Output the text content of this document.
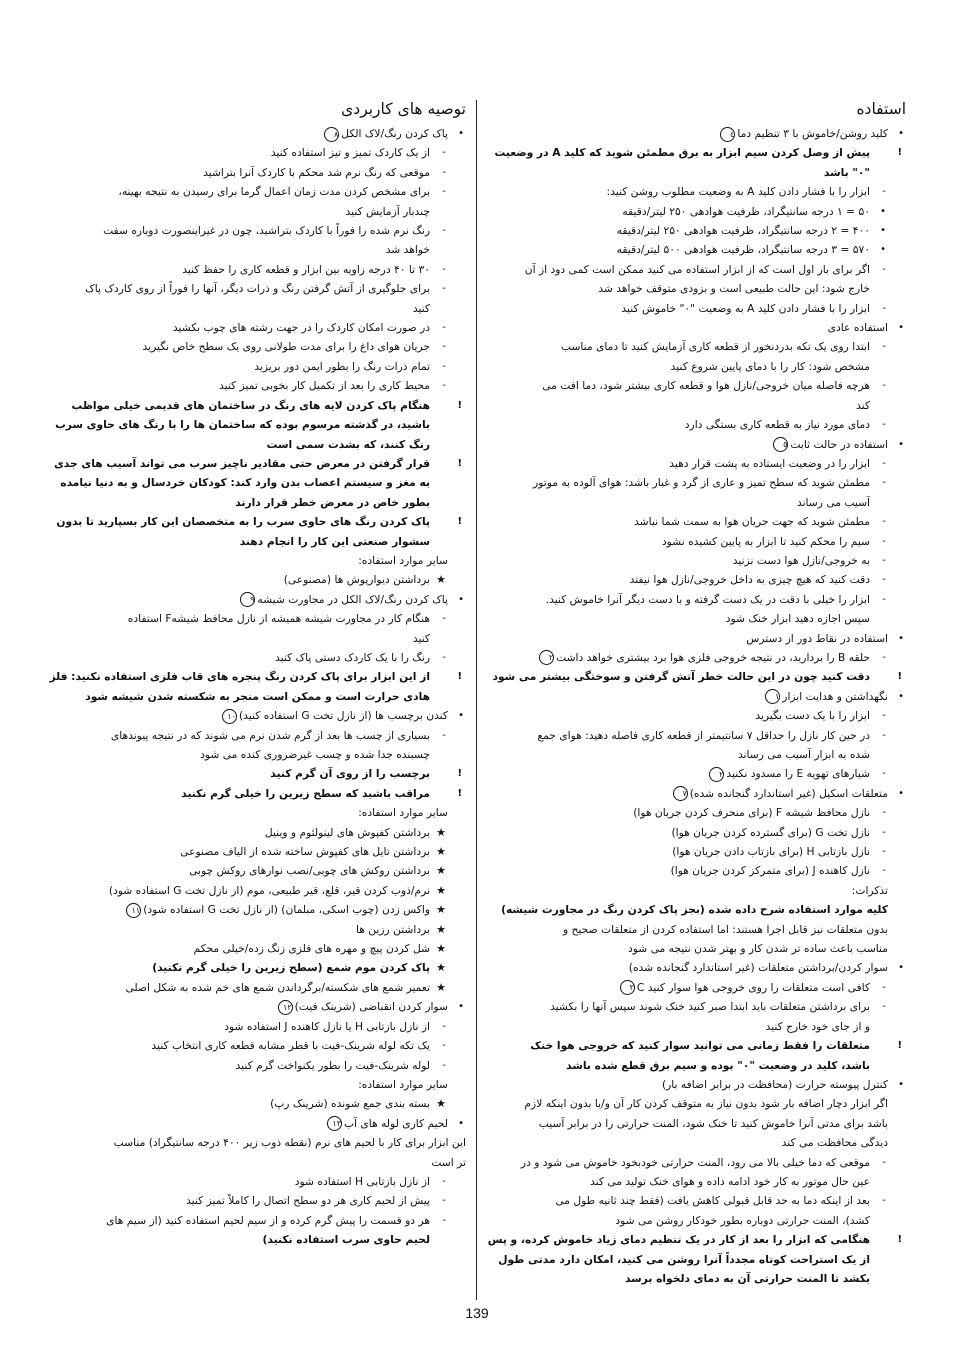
استفاده
•
کلید روشن/خاموش با ۳ تنظیم دما٤
!
پیش از وصل کردن سیم ابزار به برق مطمئن شوید که کلید A در وضعیت
"۰" باشد
-
ابزار را با فشار دادن کلید A به وضعیت مطلوب روشن کنید:
•
۵۰ = ۱ درجه سانتیگراد، ظرفیت هوادهی ۲۵۰ لیتر/دقیقه
•
۴۰۰ = ۲ درجه سانتیگراد، ظرفیت هوادهی ۲۵۰ لیتر/دقیقه
•
۵۷۰ = ۳ درجه سانتیگراد، ظرفیت هوادهی ۵۰۰ لیتر/دقیقه
-
اگر برای بار اول است که از ابزار استفاده می کنید ممکن است کمی دود از آن
خارج شود: این حالت طبیعی است و بزودی متوقف خواهد شد
-
ابزار را با فشار دادن کلید A به وضعیت "۰" خاموش کنید
•
استفاده عادی
-
ابتدا روی یک تکه بدردنخور از قطعه کاری آزمایش کنید تا دمای مناسب
مشخص شود: کار را با دمای پایین شروع کنید
-
هرچه فاصله میان خروجی/نازل هوا و قطعه کاری بیشتر شود، دما افت می
کند
-
دمای مورد نیاز به قطعه کاری بستگی دارد
•
استفاده در حالت ثابت٥
-
ابزار را در وضعیت ایستاده به پشت قرار دهید
-
مطمئن شوید که سطح تمیز و عاری از گرد و غبار باشد: هوای آلوده به موتور
آسیب می رساند
-
مطمئن شوید که جهت جریان هوا به سمت شما نباشد
-
سیم را محکم کنید تا ابزار به پایین کشیده نشود
-
به خروجی/نازل هوا دست نزنید
-
دقت کنید که هیچ چیزی به داخل خروجی/نازل هوا نیفتد
-
ابزار را خیلی با دقت در یک دست گرفته و با دست دیگر آنرا خاموش کنید.
سپس اجازه دهید ابزار خنک شود
•
استفاده در نقاط دور از دسترس
-
حلقه B را بردارید، در نتیجه خروجی فلزی هوا برد بیشتری خواهد داشت٢
!
دقت کنید چون در این حالت خطر آتش گرفتن و سوختگی بیشتر می شود
•
نگهداشتن و هدایت ابزار١
-
ابزار را با یک دست بگیرید
-
در حین کار نازل را حداقل ۷ سانتیمتر از قطعه کاری فاصله دهید: هوای جمع
شده به ابزار آسیب می رساند
-
شیارهای تهویه E را مسدود نکنید٢
•
متعلقات اسکیل (غیر استاندارد گنجانده شده)٧
-
نازل محافظ شیشه F (برای منحرف کردن جریان هوا)
-
نازل تخت G (برای گسترده کردن جریان هوا)
-
نازل بازتابی H (برای بازتاب دادن جریان هوا)
-
نازل کاهنده J (برای متمرکز کردن جریان هوا)
تذکرات:
کلیه موارد استفاده شرح داده شده (بجز پاک کردن رنگ در مجاورت شیشه)
بدون متعلقات نیز قابل اجرا هستند: اما استفاده کردن از متعلقات صحیح و
مناسب باعث ساده تر شدن کار و بهتر شدن نتیجه می شود
•
سوار کردن/برداشتن متعلقات (غیر استاندارد گنجانده شده)
-
کافی است متعلقات را روی خروجی هوا سوار کنید C٢
-
برای برداشتن متعلقات باید ابتدا صبر کنید خنک شوند سپس آنها را بکشید
و از جای خود خارج کنید
!
متعلقات را فقط زمانی می توانید سوار کنید که خروجی هوا خنک
باشد، کلید در وضعیت "۰" بوده و سیم برق قطع شده باشد
•
کنترل پیوسته حرارت (محافظت در برابر اضافه بار)
اگر ابزار دچار اضافه بار شود بدون نیاز به متوقف کردن کار آن و/یا بدون اینکه لازم
باشد برای مدتی آنرا خاموش کنید تا خنک شود، المنت حرارتی را در برابر آسیب
دیدگی محافظت می کند
-
موقعی که دما خیلی بالا می رود، المنت حرارتی خودبخود خاموش می شود و در
عین حال موتور به کار خود ادامه داده و هوای خنک تولید می کند
-
بعد از اینکه دما به حد قابل قبولی کاهش یافت (فقط چند ثانیه طول می
کشد)، المنت حرارتی دوباره بطور خودکار روشن می شود
!
هنگامی که ابزار را بعد از کار در یک تنظیم دمای زیاد خاموش کرده، و پس
از یک استراحت کوتاه مجدداً آنرا روشن می کنید، امکان دارد مدتی طول
بکشد تا المنت حرارتی آن به دمای دلخواه برسد
توصیه های کاربردی
•
پاک کردن رنگ/لاک الکل٨
-
از یک کاردک تمیز و تیز استفاده کنید
-
موقعی که رنگ نرم شد محکم با کاردک آنرا بتراشید
-
برای مشخص کردن مدت زمان اعمال گرما برای رسیدن به نتیجه بهینه،
چندبار آزمایش کنید
-
رنگ نرم شده را فوراً با کاردک بتراشید، چون در غیراینصورت دوباره سفت
خواهد شد
-
۳۰ تا ۴۰ درجه زاویه بین ابزار و قطعه کاری را حفظ کنید
-
برای جلوگیری از آتش گرفتن رنگ و ذرات دیگر، آنها را فوراً از روی کاردک پاک
کنید
-
در صورت امکان کاردک را در جهت رشته های چوب بکشید
-
جریان هوای داغ را برای مدت طولانی روی یک سطح خاص نگیرید
-
تمام ذرات رنگ را بطور ایمن دور بریزید
-
محیط کاری را بعد از تکمیل کار بخوبی تمیز کنید
!
هنگام پاک کردن لایه های رنگ در ساختمان های قدیمی خیلی مواظب
باشید، در گذشته مرسوم بوده که ساختمان ها را با رنگ های حاوی سرب
رنگ کنند، که بشدت سمی است
!
قرار گرفتن در معرض حتی مقادیر ناچیز سرب می تواند آسیب های جدی
به مغز و سیستم اعصاب بدن وارد کند: کودکان خردسال و به دنیا نیامده
بطور خاص در معرض خطر قرار دارند
!
پاک کردن رنگ های حاوی سرب را به متخصصان این کار بسپارید تا بدون
سشوار صنعتی این کار را انجام دهند
سایر موارد استفاده:
★
برداشتن دیوارپوش ها (مصنوعی)
•
پاک کردن رنگ/لاک الکل در مجاورت شیشه٩
-
هنگام کار در مجاورت شیشه همیشه از نازل محافظ شیشهF استفاده
کنید
-
رنگ را با یک کاردک دستی پاک کنید
!
از این ابزار برای پاک کردن رنگ پنجره های قاب فلزی استفاده نکنید: فلز
هادی حرارت است و ممکن است منجر به شکسته شدن شیشه شود
•
کندن برچسب ها (از نازل تخت G استفاده کنید)١٠
-
بسیاری از چسب ها بعد از گرم شدن نرم می شوند که در نتیجه پیوندهای
چسبنده جدا شده و چسب غیرضروری کنده می شود
!
برچسب را از روی آن گرم کنید
!
مراقب باشید که سطح زیرین را خیلی گرم نکنید
سایر موارد استفاده:
★
برداشتن کفپوش های لینولئوم و وینیل
★
برداشتن تایل های کفپوش ساخته شده از الیاف مصنوعی
★
برداشتن روکش های چوبی/نصب نوارهای روکش چوبی
★
نرم/ذوب کردن قیر، قلع، قیر طبیعی، موم (از نازل تخت G استفاده شود)
★
واکس زدن (چوب اسکی، مبلمان) (از نازل تخت G استفاده شود)١١
★
برداشتن رزین ها
★
شل کردن پیچ و مهره های فلزی زنگ زده/خیلی محکم
★
پاک کردن موم شمع (سطح زیرین را خیلی گرم نکنید)
★
تعمیر شمع های شکسته/برگرداندن شمع های خم شده به شکل اصلی
•
سوار کردن انقباضی (شرینک فیت)١٢
-
از نازل بازتابی H یا نازل کاهنده J استفاده شود
-
یک تکه لوله شرینک-فیت با قطر مشابه قطعه کاری انتخاب کنید
-
لوله شرینک-فیت را بطور یکنواخت گرم کنید
سایر موارد استفاده:
★
بسته بندی جمع شونده (شرینک رپ)
•
لحیم کاری لوله های آب١٣
این ابزار برای کار با لحیم های نرم (نقطه ذوب زیر ۴۰۰ درجه سانتیگراد) مناسب
تر است
-
از نازل بازتابی H استفاده شود
-
پیش از لحیم کاری هر دو سطح اتصال را کاملاً تمیز کنید
-
هر دو قسمت را پیش گرم کرده و از سیم لحیم استفاده کنید (از سیم های
لحیم حاوی سرب استفاده نکنید)
139
